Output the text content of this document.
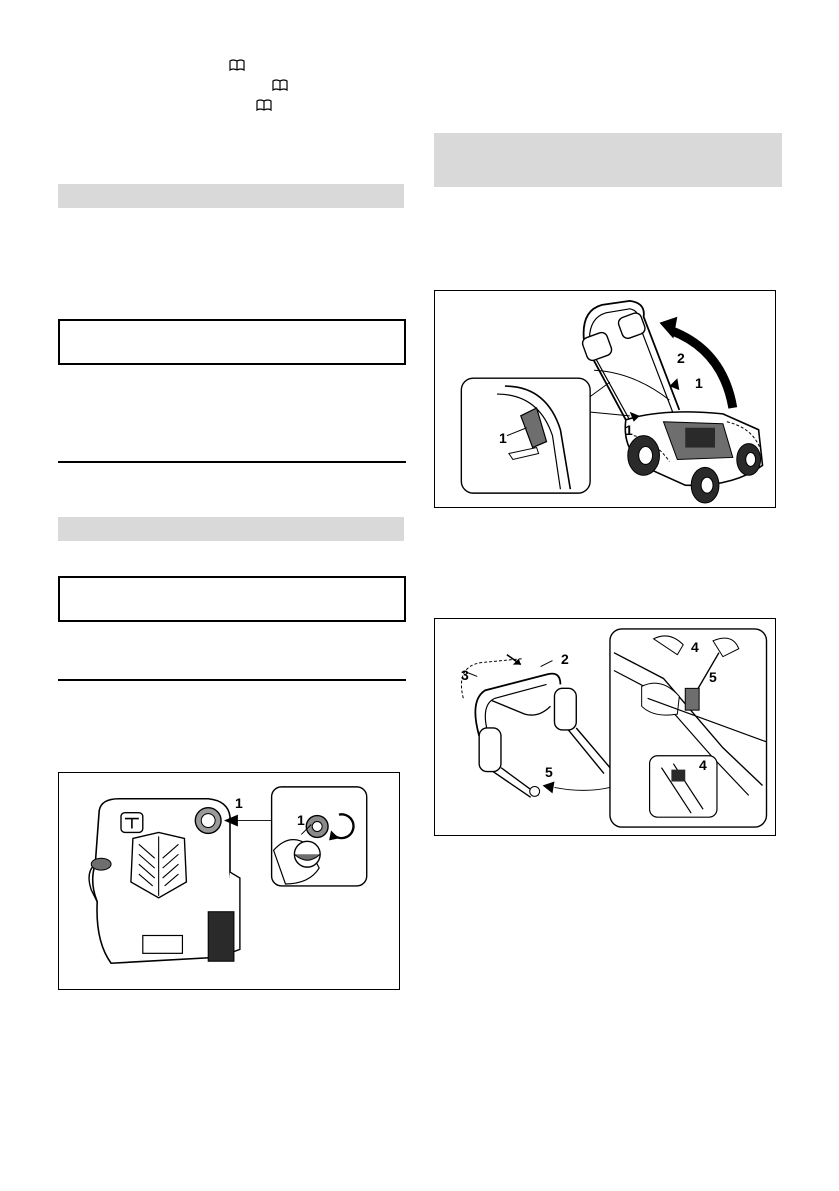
1
1
1
2
1
1
2
3
5
4
5
4
